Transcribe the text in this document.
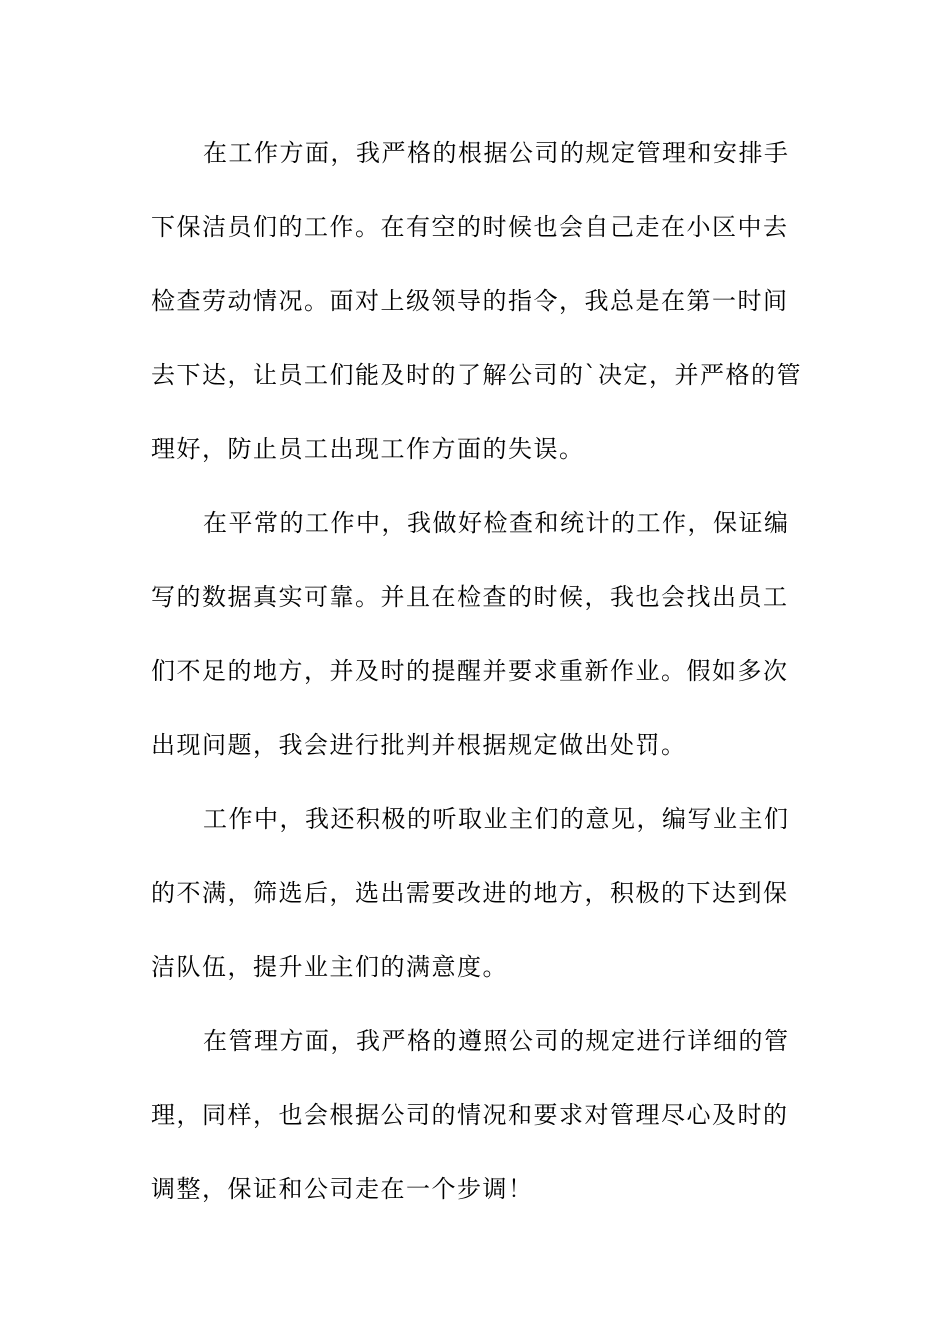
在工作方面，我严格的根据公司的规定管理和安排手

下保洁员们的工作。在有空的时候也会自己走在小区中去

检查劳动情况。面对上级领导的指令，我总是在第一时间

去下达，让员工们能及时的了解公司的`决定，并严格的管

理好，防止员工出现工作方面的失误。

在平常的工作中，我做好检查和统计的工作，保证编

写的数据真实可靠。并且在检查的时候，我也会找出员工

们不足的地方，并及时的提醒并要求重新作业。假如多次

出现问题，我会进行批判并根据规定做出处罚。

工作中，我还积极的听取业主们的意见，编写业主们

的不满，筛选后，选出需要改进的地方，积极的下达到保

洁队伍，提升业主们的满意度。

在管理方面，我严格的遵照公司的规定进行详细的管

理，同样，也会根据公司的情况和要求对管理尽心及时的

调整，保证和公司走在一个步调！
